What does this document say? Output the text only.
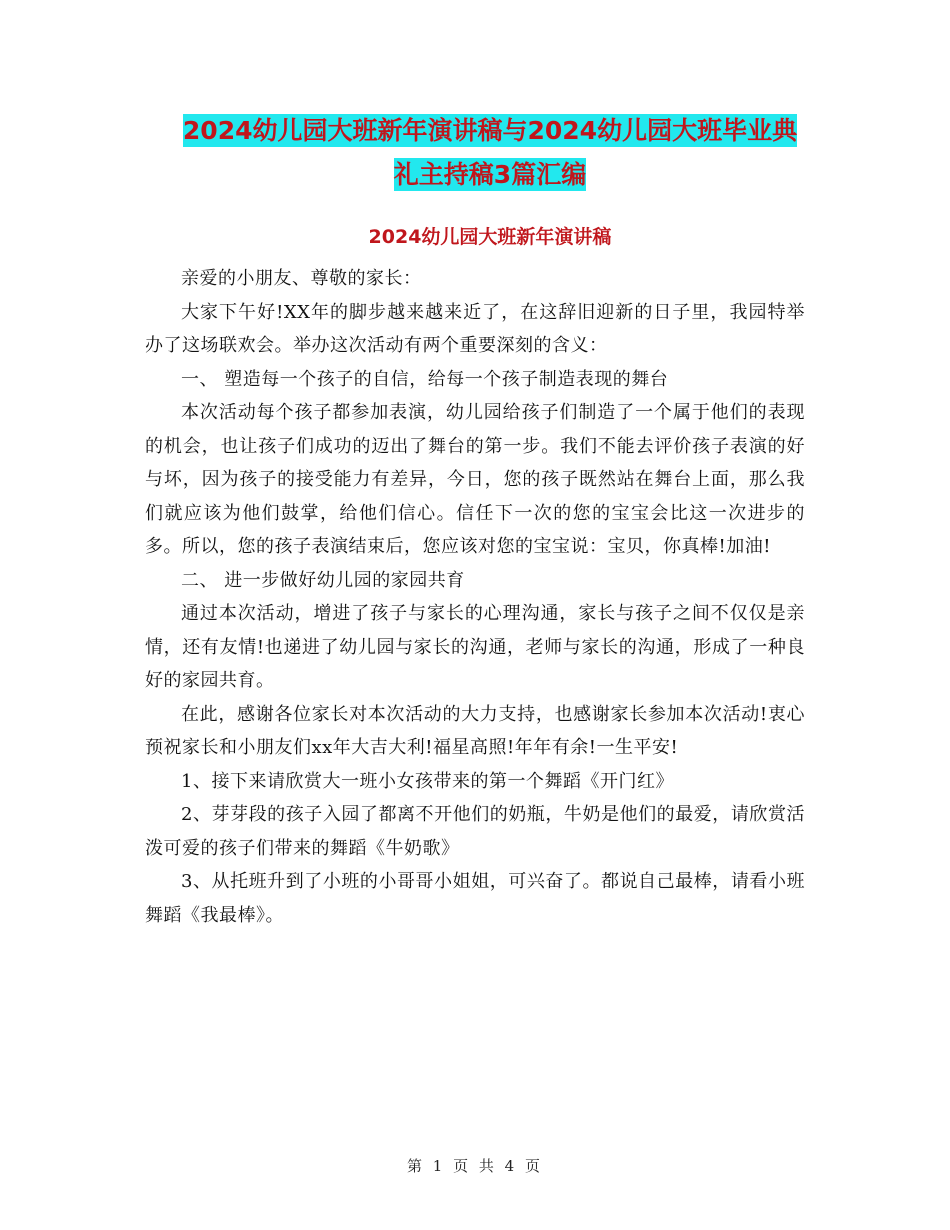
2024幼儿园大班新年演讲稿与2024幼儿园大班毕业典
礼主持稿3篇汇编
2024幼儿园大班新年演讲稿

亲爱的小朋友、尊敬的家长：

大家下午好!XX年的脚步越来越来近了，在这辞旧迎新的日子里，我园特举办了这场联欢会。举办这次活动有两个重要深刻的含义：

一、 塑造每一个孩子的自信，给每一个孩子制造表现的舞台

本次活动每个孩子都参加表演，幼儿园给孩子们制造了一个属于他们的表现的机会，也让孩子们成功的迈出了舞台的第一步。我们不能去评价孩子表演的好与坏，因为孩子的接受能力有差异，今日，您的孩子既然站在舞台上面，那么我们就应该为他们鼓掌，给他们信心。信任下一次的您的宝宝会比这一次进步的多。所以，您的孩子表演结束后，您应该对您的宝宝说：宝贝，你真棒!加油!

二、 进一步做好幼儿园的家园共育

通过本次活动，增进了孩子与家长的心理沟通，家长与孩子之间不仅仅是亲情，还有友情!也递进了幼儿园与家长的沟通，老师与家长的沟通，形成了一种良好的家园共育。

在此，感谢各位家长对本次活动的大力支持，也感谢家长参加本次活动!衷心预祝家长和小朋友们xx年大吉大利!福星高照!年年有余!一生平安!

1、接下来请欣赏大一班小女孩带来的第一个舞蹈《开门红》

2、芽芽段的孩子入园了都离不开他们的奶瓶，牛奶是他们的最爱，请欣赏活泼可爱的孩子们带来的舞蹈《牛奶歌》

3、从托班升到了小班的小哥哥小姐姐，可兴奋了。都说自己最棒，请看小班舞蹈《我最棒》。

第 1 页 共 4 页
